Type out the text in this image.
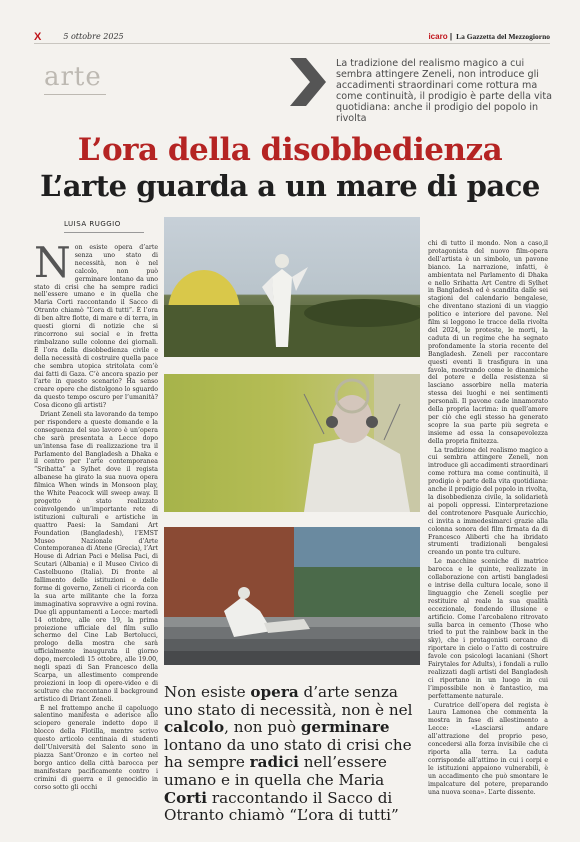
X	5 ottobre 2025	icaro | La Gazzetta del Mezzogiorno
arte	La tradizione del realismo magico a cui sembra attingere Zeneli, non introduce gli accadimenti straordinari come rottura ma come continuità, il prodigio è parte della vita quotidiana: anche il prodigio del popolo in rivolta
L’ora della disobbedienza
L’arte guarda a un mare di pace
LUISA RUGGIO

Non esiste opera d’arte senza uno stato di necessità, non è nel calcolo, non può germinare lontano da uno stato di crisi che ha sempre radici nell’essere umano e in quella che Maria Corti raccontando il Sacco di Otranto chiamò “L’ora di tutti”. È l’ora di ben altre flotte, di mare e di terra, in questi giorni di notizie che si rincorrono sui social e in fretta rimbalzano sulle colonne dei giornali. È l’ora della disobbedienza civile e della necessità di costruire quella pace che sembra utopica stritolata com’è dai fatti di Gaza. C’è ancora spazio per l’arte in questo scenario? Ha senso creare opere che distolgono lo sguardo da questo tempo oscuro per l’umanità? Cosa dicono gli artisti?

Driant Zeneli sta lavorando da tempo per rispondere a queste domande e la conseguenza del suo lavoro è un’opera che sarà presentata a Lecce dopo un’intensa fase di realizzazione tra il Parlamento del Bangladesh a Dhaka e il centro per l’arte contemporanea “Srihatta” a Sylhet dove il regista albanese ha girato la sua nuova opera filmica When winds in Monsoon play, the White Peacock will sweep away. Il progetto è stato realizzato coinvolgendo un’importante rete di istituzioni culturali e artistiche in quattro Paesi: la Samdani Art Foundation (Bangladesh), l’EMST Museo Nazionale d’Arte Contemporanea di Atene (Grecia), l’Art House di Adrian Paci e Melisa Paci, di Scutari (Albania) e il Museo Civico di Castelbuono (Italia). Di fronte al fallimento delle istituzioni e delle forme di governo, Zeneli ci ricorda con la sua arte militante che la forza immaginativa sopravvive a ogni rovina. Due gli appuntamenti a Lecce: martedì 14 ottobre, alle ore 19, la prima proiezione ufficiale del film sullo schermo del Cine Lab Bertolucci, prologo della mostra che sarà ufficialmente inaugurata il giorno dopo, mercoledì 15 ottobre, alle 19.00, negli spazi di San Francesco della Scarpa, un allestimento comprende proiezioni in loop di opere-video e di sculture che raccontano il background artistico di Driant Zeneli.

È nel frattempo anche il capoluogo salentino manifesta e aderisce allo sciopero generale indetto dopo il blocco della Flotilla, mentre scrivo questo articolo centinaia di studenti dell’Università del Salento sono in piazza Sant’Oronzo e in corteo nel borgo antico della città barocca per manifestare pacificamente contro i crimini di guerra e il genocidio in corso sotto gli occhi

Non esiste opera d’arte senza uno stato di necessità, non è nel calcolo, non può germinare lontano da uno stato di crisi che ha sempre radici nell’essere umano e in quella che Maria Corti raccontando il Sacco di Otranto chiamò “L’ora di tutti”

chi di tutto il mondo. Non a caso,il protagonista del nuovo film-opera dell’artista è un simbolo, un pavone bianco. La narrazione, infatti, è ambientata nel Parlamento di Dhaka e nello Srihatta Art Centre di Sylhet in Bangladesh ed è scandita dalle sei stagioni del calendario bengalese, che diventano stazioni di un viaggio politico e interiore del pavone. Nel film si leggono le tracce della rivolta del 2024, le proteste, le morti, la caduta di un regime che ha segnato profondamente la storia recente del Bangladesh. Zeneli per raccontare questi eventi li trasfigura in una favola, mostrando come le dinamiche del potere e della resistenza si lasciano assorbire nella materia stessa dei luoghi e nei sentimenti personali. Il pavone cade innamorato della propria lacrima: in quell’amore per ciò che egli stesso ha generato scopre la sua parte più segreta e insieme ad essa la consapevolezza della propria finitezza.

La tradizione del realismo magico a cui sembra attingere Zeneli, non introduce gli accadimenti straordinari come rottura ma come continuità, il prodigio è parte della vita quotidiana: anche il prodigio del popolo in rivolta, la disobbedienza civile, la solidarietà ai popoli oppressi. L’interpretazione del controtenore Pasquale Auricchio, ci invita a immedesimarci grazie alla colonna sonora del film firmata da di Francesco Aliberti che ha ibridato strumenti tradizionali bengalesi creando un ponte tra culture.

Le macchine sceniche di matrice barocca e le quinte, realizzate in collaborazione con artisti bangladesi e intrise della cultura locale, sono il linguaggio che Zeneli sceglie per restituire al reale la sua qualità eccezionale, fondendo illusione e artificio. Come l’arcobaleno ritrovato sulla barca in cemento (Those who tried to put the rainbow back in the sky), che i protagonisti cercano di riportare in cielo o l’atto di costruire favole con psicologi lacaniani (Short Fairytales for Adults), i fondali a rullo realizzati dagli artisti del Bangladesh ci riportano in un luogo in cui l’impossibile non è fantastico, ma perfettamente naturale.

Curatrice dell’opera del regista è Laura Lamonea che commenta la mostra in fase di allestimento a Lecce: «Lasciarsi andare all’attrazione del proprio peso, concedersi alla forza invisibile che ci riporta alla terra. La caduta corrisponde all’attimo in cui i corpi e le istituzioni appaiono vulnerabili, è un accadimento che può smontare le impalcature del potere, preparando una nuova scena». L’arte dissente.
